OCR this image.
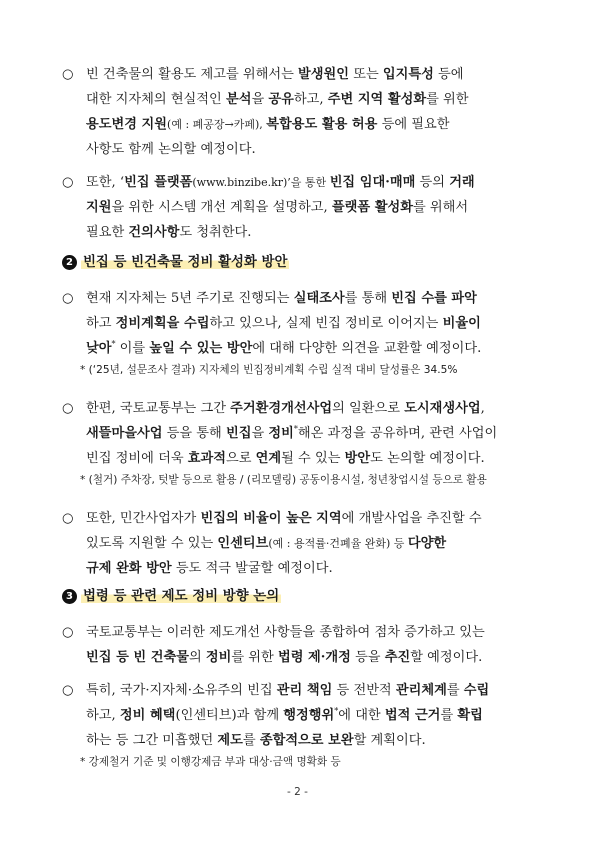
○ 빈 건축물의 활용도 제고를 위해서는 발생원인 또는 입지특성 등에
대한 지자체의 현실적인 분석을 공유하고, 주변 지역 활성화를 위한
용도변경 지원(예 : 폐공장→카페), 복합용도 활용 허용 등에 필요한
사항도 함께 논의할 예정이다.
○ 또한, ‘빈집 플랫폼(www.binzibe.kr)’을 통한 빈집 임대·매매 등의 거래
지원을 위한 시스템 개선 계획을 설명하고, 플랫폼 활성화를 위해서
필요한 건의사항도 청취한다.
2 빈집 등 빈건축물 정비 활성화 방안
○ 현재 지자체는 5년 주기로 진행되는 실태조사를 통해 빈집 수를 파악
하고 정비계획을 수립하고 있으나, 실제 빈집 정비로 이어지는 비율이
낮아* 이를 높일 수 있는 방안에 대해 다양한 의견을 교환할 예정이다.
* (‘25년, 설문조사 결과) 지자체의 빈집정비계획 수립 실적 대비 달성률은 34.5%
○ 한편, 국토교통부는 그간 주거환경개선사업의 일환으로 도시재생사업,
새뜰마을사업 등을 통해 빈집을 정비*해온 과정을 공유하며, 관련 사업이
빈집 정비에 더욱 효과적으로 연계될 수 있는 방안도 논의할 예정이다.
* (철거) 주차장, 텃밭 등으로 활용 / (리모델링) 공동이용시설, 청년창업시설 등으로 활용
○ 또한, 민간사업자가 빈집의 비율이 높은 지역에 개발사업을 추진할 수
있도록 지원할 수 있는 인센티브(예 : 용적률·건폐율 완화) 등 다양한
규제 완화 방안 등도 적극 발굴할 예정이다.
3 법령 등 관련 제도 정비 방향 논의
○ 국토교통부는 이러한 제도개선 사항들을 종합하여 점차 증가하고 있는
빈집 등 빈 건축물의 정비를 위한 법령 제·개정 등을 추진할 예정이다.
○ 특히, 국가·지자체·소유주의 빈집 관리 책임 등 전반적 관리체계를 수립
하고, 정비 혜택(인센티브)과 함께 행정행위*에 대한 법적 근거를 확립
하는 등 그간 미흡했던 제도를 종합적으로 보완할 계획이다.
* 강제철거 기준 및 이행강제금 부과 대상·금액 명확화 등
- 2 -
